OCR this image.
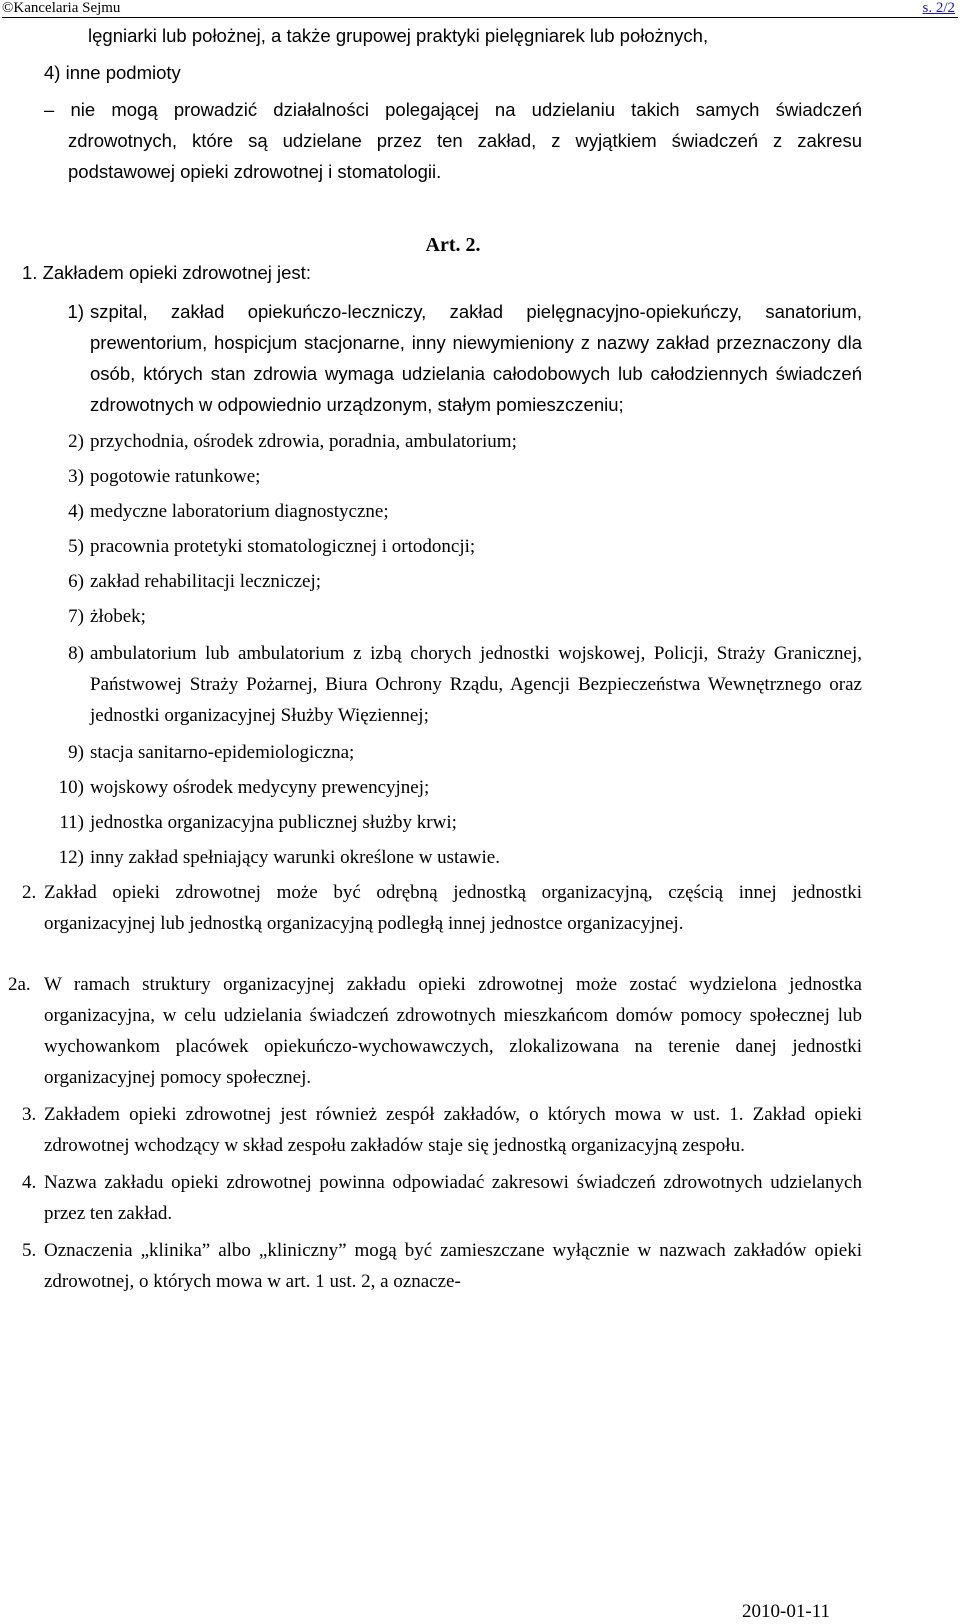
©Kancelaria Sejmu	s. 2/2

lęgniarki lub położnej, a także grupowej praktyki pielęgniarek lub położnych,

4) inne podmioty

– nie mogą prowadzić działalności polegającej na udzielaniu takich samych świadczeń zdrowotnych, które są udzielane przez ten zakład, z wyjątkiem świadczeń z zakresu podstawowej opieki zdrowotnej i stomatologii.

Art. 2.
1. Zakładem opieki zdrowotnej jest:
1) szpital, zakład opiekuńczo-leczniczy, zakład pielęgnacyjno-opiekuńczy, sanatorium, prewentorium, hospicjum stacjonarne, inny niewymieniony z nazwy zakład przeznaczony dla osób, których stan zdrowia wymaga udzielania całodobowych lub całodziennych świadczeń zdrowotnych w odpowiednio urządzonym, stałym pomieszczeniu;

2) przychodnia, ośrodek zdrowia, poradnia, ambulatorium;

3) pogotowie ratunkowe;

4) medyczne laboratorium diagnostyczne;

5) pracownia protetyki stomatologicznej i ortodoncji;

6) zakład rehabilitacji leczniczej;

7) żłobek;

8) ambulatorium lub ambulatorium z izbą chorych jednostki wojskowej, Policji, Straży Granicznej, Państwowej Straży Pożarnej, Biura Ochrony Rządu, Agencji Bezpieczeństwa Wewnętrznego oraz jednostki organizacyjnej Służby Więziennej;

9) stacja sanitarno-epidemiologiczna;

10) wojskowy ośrodek medycyny prewencyjnej;

11) jednostka organizacyjna publicznej służby krwi;

12) inny zakład spełniający warunki określone w ustawie.

2. Zakład opieki zdrowotnej może być odrębną jednostką organizacyjną, częścią innej jednostki organizacyjnej lub jednostką organizacyjną podległą innej jednostce organizacyjnej.

2a. W ramach struktury organizacyjnej zakładu opieki zdrowotnej może zostać wydzielona jednostka organizacyjna, w celu udzielania świadczeń zdrowotnych mieszkańcom domów pomocy społecznej lub wychowankom placówek opiekuńczo-wychowawczych, zlokalizowana na terenie danej jednostki organizacyjnej pomocy społecznej.

3. Zakładem opieki zdrowotnej jest również zespół zakładów, o których mowa w ust. 1. Zakład opieki zdrowotnej wchodzący w skład zespołu zakładów staje się jednostką organizacyjną zespołu.

4. Nazwa zakładu opieki zdrowotnej powinna odpowiadać zakresowi świadczeń zdrowotnych udzielanych przez ten zakład.

5. Oznaczenia „klinika” albo „kliniczny” mogą być zamieszczane wyłącznie w nazwach zakładów opieki zdrowotnej, o których mowa w art. 1 ust. 2, a oznacze-

2010-01-11
